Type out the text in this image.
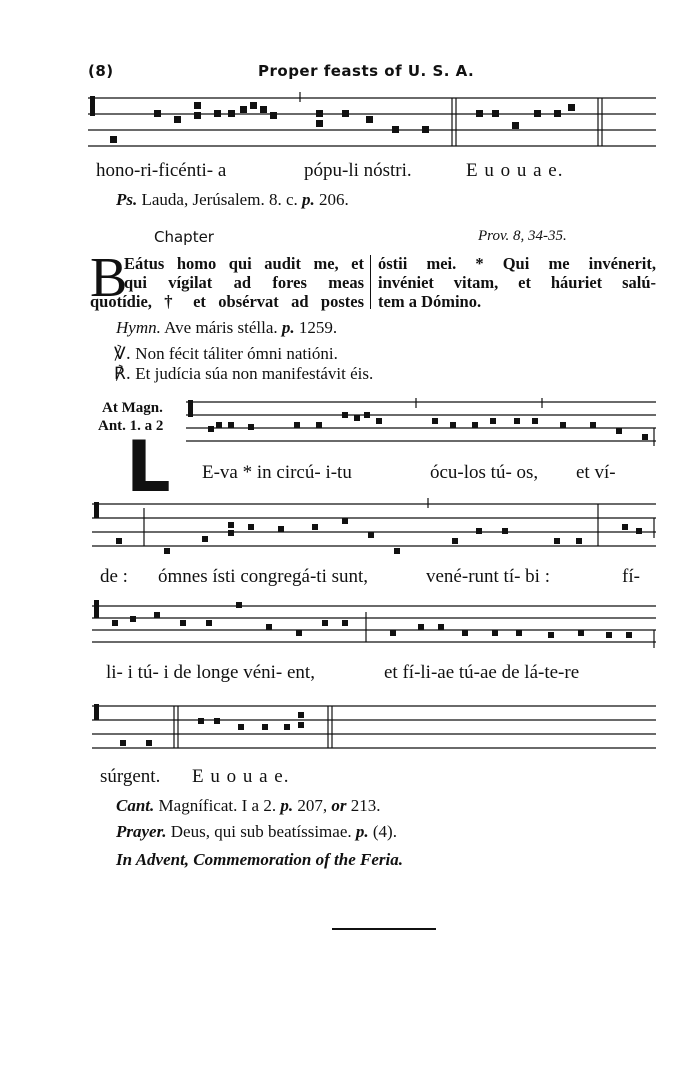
(8)	Proper feasts of U. S. A.
hono-ri-ficénti- a	pópu-li nóstri.	E u o u a e.
Ps. Lauda, Jerúsalem. 8. c. p. 206.
Chapter	Prov. 8, 34-35.
B
Eátus homo qui audit me, et
qui vígilat ad fores meas
quotídie, † et obsérvat ad postes
óstii mei. * Qui me invénerit,
invéniet vitam, et háuriet salú-
tem a Dómino.
Hymn. Ave máris stélla. p. 1259.
℣. Non fécit táliter ómni natióni.
℟. Et judícia súa non manifestávit éis.
At Magn.
Ant. 1. a 2
L E-va * in circú- i-tu	ócu-los tú- os, et ví-
de : ómnes ísti congregá-ti sunt,	vené-runt tí- bi :	fí-
li- i tú- i de longe véni- ent,	et fí-li-ae tú-ae de lá-te-re
súrgent. E u o u a e.
Cant. Magníficat. I a 2. p. 207, or 213.
Prayer. Deus, qui sub beatíssimae. p. (4).
In Advent, Commemoration of the Feria.
